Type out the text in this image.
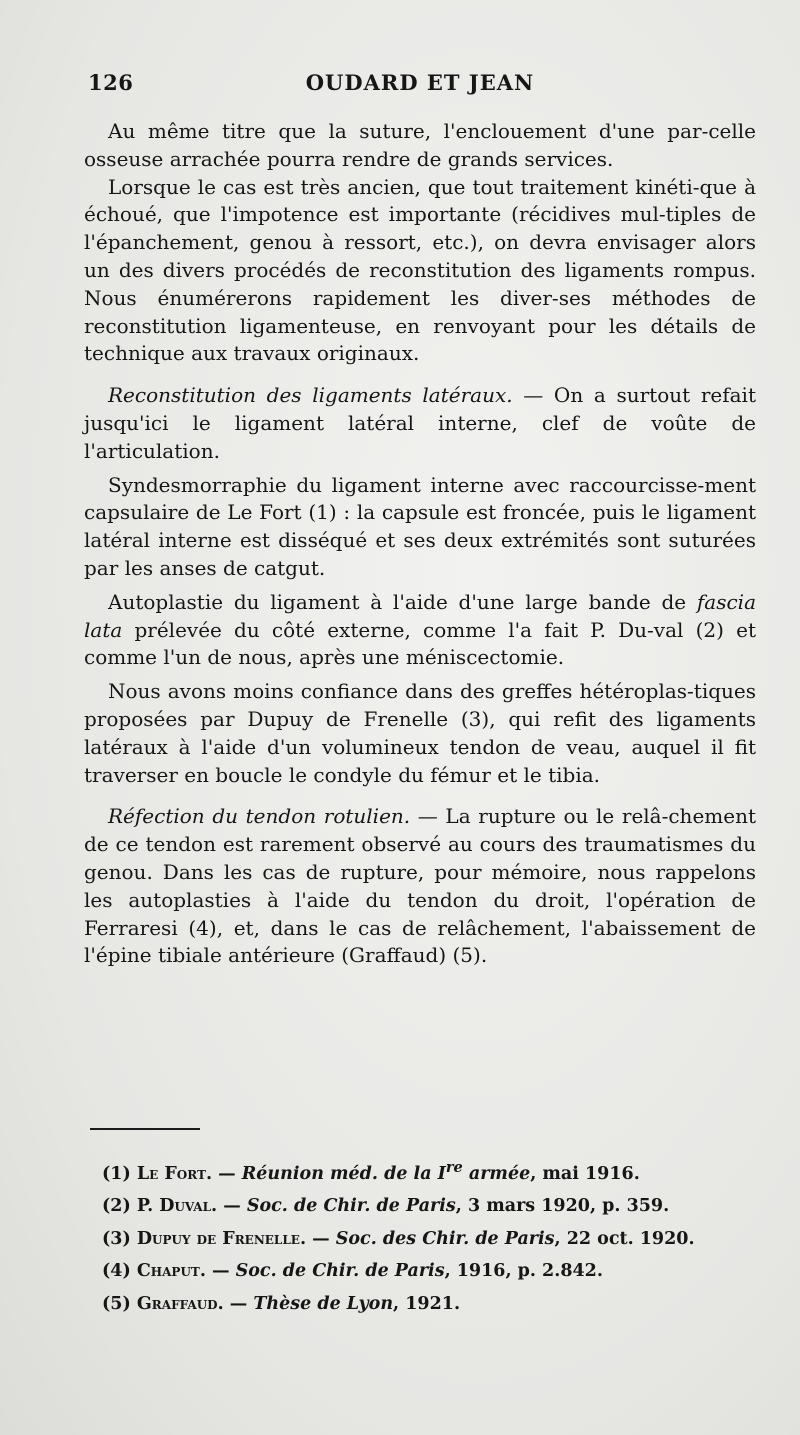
126	OUDARD ET JEAN

Au même titre que la suture, l'enclouement d'une par-celle osseuse arrachée pourra rendre de grands services.

Lorsque le cas est très ancien, que tout traitement kinéti-que à échoué, que l'impotence est importante (récidives mul-tiples de l'épanchement, genou à ressort, etc.), on devra envisager alors un des divers procédés de reconstitution des ligaments rompus. Nous énumérerons rapidement les diver-ses méthodes de reconstitution ligamenteuse, en renvoyant pour les détails de technique aux travaux originaux.

Reconstitution des ligaments latéraux. — On a surtout refait jusqu'ici le ligament latéral interne, clef de voûte de l'articulation.

Syndesmorraphie du ligament interne avec raccourcisse-ment capsulaire de Le Fort (1) : la capsule est froncée, puis le ligament latéral interne est disséqué et ses deux extrémités sont suturées par les anses de catgut.

Autoplastie du ligament à l'aide d'une large bande de fascia lata prélevée du côté externe, comme l'a fait P. Du-val (2) et comme l'un de nous, après une méniscectomie.

Nous avons moins confiance dans des greffes hétéroplas-tiques proposées par Dupuy de Frenelle (3), qui refit des ligaments latéraux à l'aide d'un volumineux tendon de veau, auquel il fit traverser en boucle le condyle du fémur et le tibia.

Réfection du tendon rotulien. — La rupture ou le relâ-chement de ce tendon est rarement observé au cours des traumatismes du genou. Dans les cas de rupture, pour mémoire, nous rappelons les autoplasties à l'aide du tendon du droit, l'opération de Ferraresi (4), et, dans le cas de relâchement, l'abaissement de l'épine tibiale antérieure (Graffaud) (5).

(1) Le Fort. — Réunion méd. de la Ire armée, mai 1916.
(2) P. Duval. — Soc. de Chir. de Paris, 3 mars 1920, p. 359.
(3) Dupuy de Frenelle. — Soc. des Chir. de Paris, 22 oct. 1920.
(4) Chaput. — Soc. de Chir. de Paris, 1916, p. 2.842.
(5) Graffaud. — Thèse de Lyon, 1921.
